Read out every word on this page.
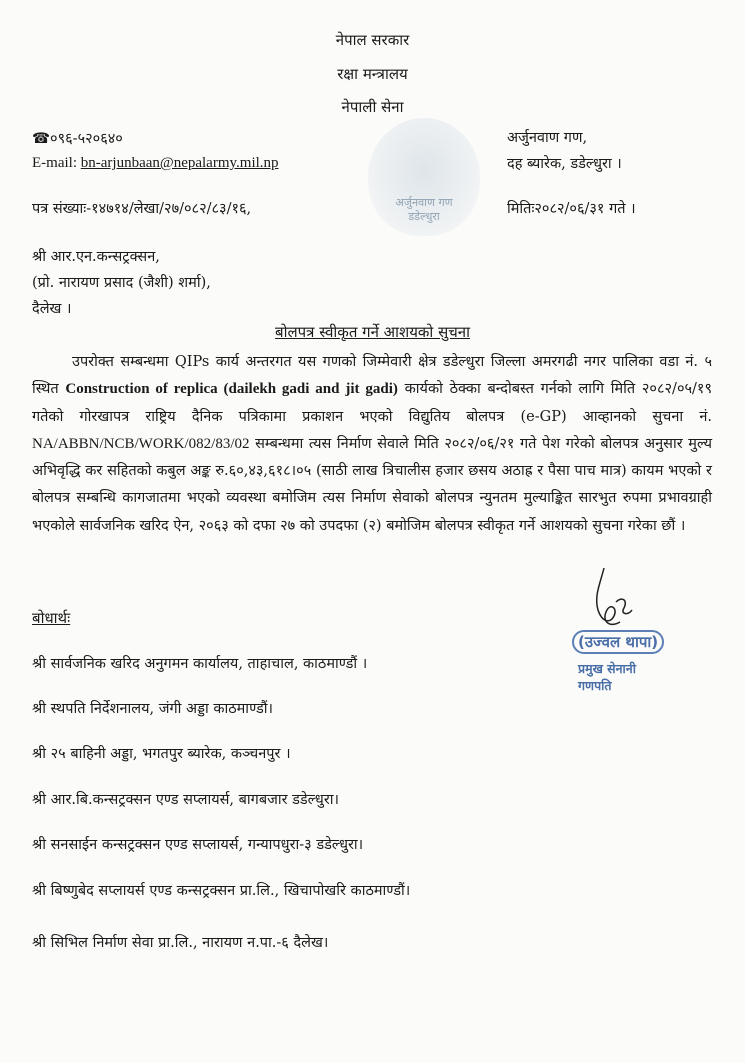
नेपाल सरकार
रक्षा मन्त्रालय
नेपाली सेना
☎०९६-५२०६४०
E-mail: bn-arjunbaan@nepalarmy.mil.np
अर्जुनवाण गण
डडेल्धुरा
अर्जुनवाण गण,
दह ब्यारेक, डडेल्धुरा ।
पत्र संख्याः-१४७१४/लेखा/२७/०८२/८३/१६,	मितिः२०८२/०६/३१ गते ।
श्री आर.एन.कन्सट्रक्सन,
(प्रो. नारायण प्रसाद (जैशी) शर्मा),
दैलेख ।
बोलपत्र स्वीकृत गर्ने आशयको सुचना
उपरोक्त सम्बन्धमा QIPs कार्य अन्तरगत यस गणको जिम्मेवारी क्षेत्र डडेल्धुरा जिल्ला अमरगढी नगर पालिका वडा नं. ५ स्थित Construction of replica (dailekh gadi and jit gadi) कार्यको ठेक्का बन्दोबस्त गर्नको लागि मिति २०८२/०५/१९ गतेको गोरखापत्र राष्ट्रिय दैनिक पत्रिकामा प्रकाशन भएको विद्युतिय बोलपत्र (e-GP) आव्हानको सुचना नं. NA/ABBN/NCB/WORK/082/83/02 सम्बन्धमा त्यस निर्माण सेवाले मिति २०८२/०६/२१ गते पेश गरेको बोलपत्र अनुसार मुल्य अभिवृद्धि कर सहितको कबुल अङ्क रु.६०,४३,६१८।०५ (साठी लाख त्रिचालीस हजार छसय अठाह्र र पैसा पाच मात्र) कायम भएको र बोलपत्र सम्बन्धि कागजातमा भएको व्यवस्था बमोजिम त्यस निर्माण सेवाको बोलपत्र न्युनतम मुल्याङ्कित सारभुत रुपमा प्रभावग्राही भएकोले सार्वजनिक खरिद ऐन, २०६३ को दफा २७ को उपदफा (२) बमोजिम बोलपत्र स्वीकृत गर्ने आशयको सुचना गरेका छौं ।
(उज्वल थापा)
प्रमुख सेनानी
गणपति
बोधार्थः
श्री सार्वजनिक खरिद अनुगमन कार्यालय, ताहाचाल, काठमाण्डौं ।
श्री स्थपति निर्देशनालय, जंगी अड्डा काठमाण्डौं।
श्री २५ बाहिनी अड्डा, भगतपुर ब्यारेक, कञ्चनपुर ।
श्री आर.बि.कन्सट्रक्सन एण्ड सप्लायर्स, बागबजार डडेल्धुरा।
श्री सनसाईन कन्सट्रक्सन एण्ड सप्लायर्स, गन्यापधुरा-३ डडेल्धुरा।
श्री बिष्णुबेद सप्लायर्स एण्ड कन्सट्रक्सन प्रा.लि., खिचापोखरि काठमाण्डौं।
श्री सिभिल निर्माण सेवा प्रा.लि., नारायण न.पा.-६ दैलेख।
